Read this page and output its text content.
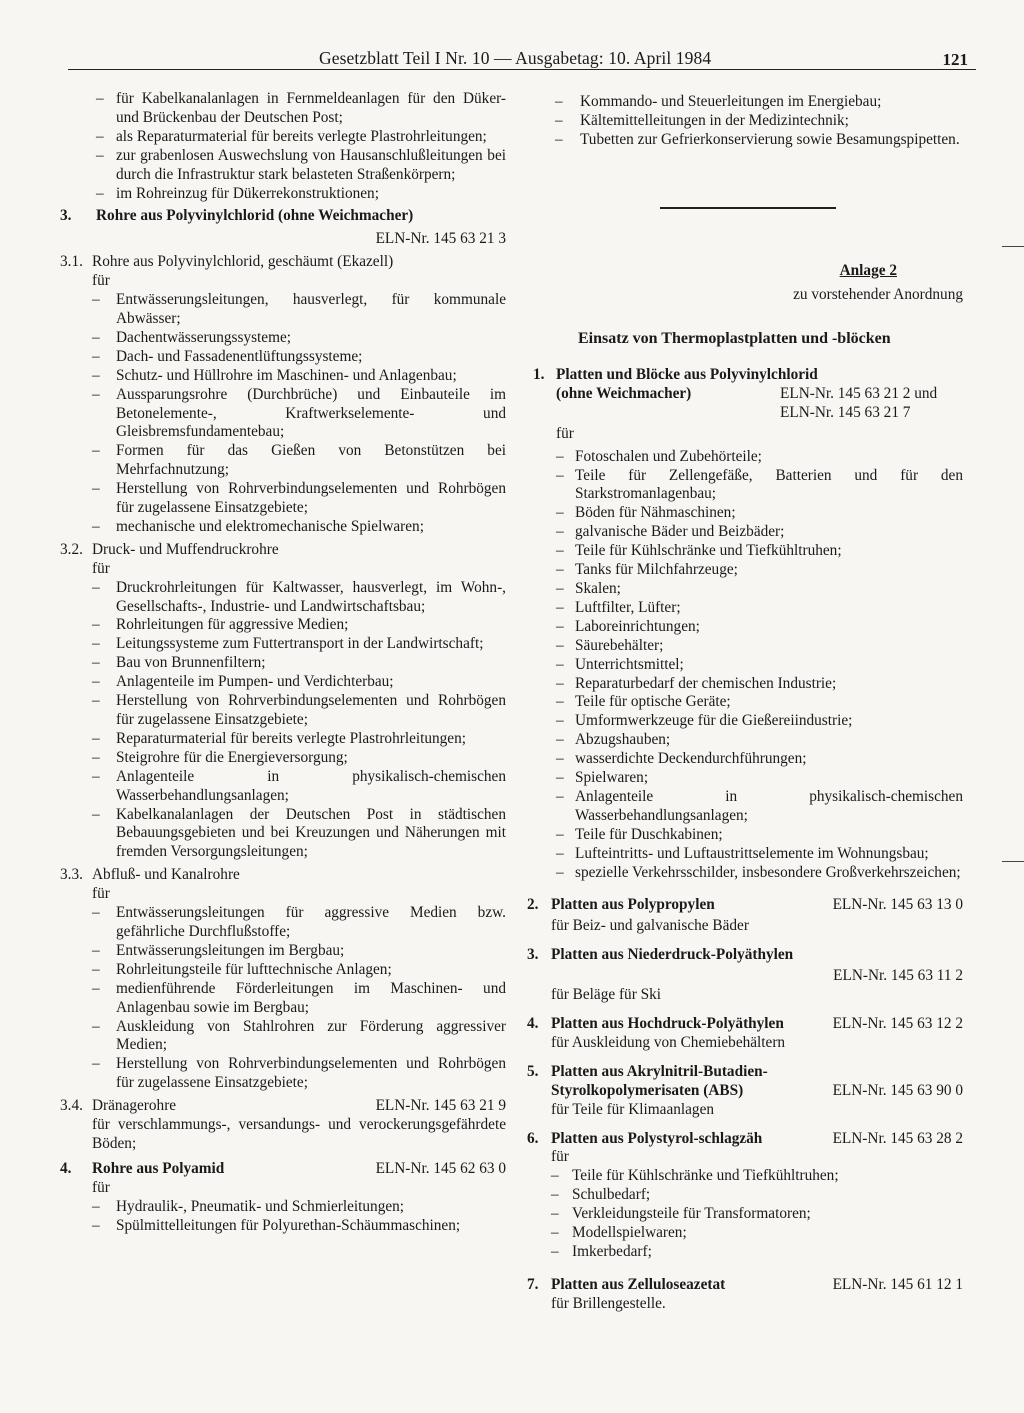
Gesetzblatt Teil I Nr. 10 — Ausgabetag: 10. April 1984	121
– für Kabelkanalanlagen in Fernmeldeanlagen für den Düker- und Brückenbau der Deutschen Post;
– als Reparaturmaterial für bereits verlegte Plastrohrleitungen;
– zur grabenlosen Auswechslung von Hausanschlußleitungen bei durch die Infrastruktur stark belasteten Straßenkörpern;
– im Rohreinzug für Dükerrekonstruktionen;
3.	Rohre aus Polyvinylchlorid (ohne Weichmacher)
ELN-Nr. 145 63 21 3
3.1. Rohre aus Polyvinylchlorid, geschäumt (Ekazell)
für
–	Entwässerungsleitungen, hausverlegt, für kommunale Abwässer;
–	Dachentwässerungssysteme;
–	Dach- und Fassadenentlüftungssysteme;
–	Schutz- und Hüllrohre im Maschinen- und Anlagenbau;
–	Aussparungsrohre (Durchbrüche) und Einbauteile im Betonelemente-, Kraftwerkselemente- und Gleisbremsfundamentebau;
–	Formen für das Gießen von Betonstützen bei Mehrfachnutzung;
–	Herstellung von Rohrverbindungselementen und Rohrbögen für zugelassene Einsatzgebiete;
–	mechanische und elektromechanische Spielwaren;
3.2. Druck- und Muffendruckrohre
für
–	Druckrohrleitungen für Kaltwasser, hausverlegt, im Wohn-, Gesellschafts-, Industrie- und Landwirtschaftsbau;
–	Rohrleitungen für aggressive Medien;
–	Leitungssysteme zum Futtertransport in der Landwirtschaft;
–	Bau von Brunnenfiltern;
–	Anlagenteile im Pumpen- und Verdichterbau;
–	Herstellung von Rohrverbindungselementen und Rohrbögen für zugelassene Einsatzgebiete;
–	Reparaturmaterial für bereits verlegte Plastrohrleitungen;
–	Steigrohre für die Energieversorgung;
–	Anlagenteile in physikalisch-chemischen Wasserbehandlungsanlagen;
–	Kabelkanalanlagen der Deutschen Post in städtischen Bebauungsgebieten und bei Kreuzungen und Näherungen mit fremden Versorgungsleitungen;
3.3. Abfluß- und Kanalrohre
für
–	Entwässerungsleitungen für aggressive Medien bzw. gefährliche Durchflußstoffe;
–	Entwässerungsleitungen im Bergbau;
–	Rohrleitungsteile für lufttechnische Anlagen;
–	medienführende Förderleitungen im Maschinen- und Anlagenbau sowie im Bergbau;
–	Auskleidung von Stahlrohren zur Förderung aggressiver Medien;
–	Herstellung von Rohrverbindungselementen und Rohrbögen für zugelassene Einsatzgebiete;
3.4. Dränagerohre	ELN-Nr. 145 63 21 9
für verschlammungs-, versandungs- und verockerungsgefährdete Böden;
4.	Rohre aus Polyamid	ELN-Nr. 145 62 63 0
für
–	Hydraulik-, Pneumatik- und Schmierleitungen;
–	Spülmittelleitungen für Polyurethan-Schäummaschinen;
–	Kommando- und Steuerleitungen im Energiebau;
–	Kältemittelleitungen in der Medizintechnik;
–	Tubetten zur Gefrierkonservierung sowie Besamungspipetten.
Anlage 2
zu vorstehender Anordnung
Einsatz von Thermoplastplatten und -blöcken
1. Platten und Blöcke aus Polyvinylchlorid
(ohne Weichmacher)	ELN-Nr. 145 63 21 2 und
ELN-Nr. 145 63 21 7
für
– Fotoschalen und Zubehörteile;
– Teile für Zellengefäße, Batterien und für den Starkstromanlagenbau;
– Böden für Nähmaschinen;
– galvanische Bäder und Beizbäder;
– Teile für Kühlschränke und Tiefkühltruhen;
– Tanks für Milchfahrzeuge;
– Skalen;
– Luftfilter, Lüfter;
– Laboreinrichtungen;
– Säurebehälter;
– Unterrichtsmittel;
– Reparaturbedarf der chemischen Industrie;
– Teile für optische Geräte;
– Umformwerkzeuge für die Gießereiindustrie;
– Abzugshauben;
– wasserdichte Deckendurchführungen;
– Spielwaren;
– Anlagenteile in physikalisch-chemischen Wasserbehandlungsanlagen;
– Teile für Duschkabinen;
– Lufteintritts- und Luftaustrittselemente im Wohnungsbau;
– spezielle Verkehrsschilder, insbesondere Großverkehrszeichen;
2. Platten aus Polypropylen	ELN-Nr. 145 63 13 0
für Beiz- und galvanische Bäder
3. Platten aus Niederdruck-Polyäthylen
ELN-Nr. 145 63 11 2
für Beläge für Ski
4. Platten aus Hochdruck-Polyäthylen	ELN-Nr. 145 63 12 2
für Auskleidung von Chemiebehältern
5. Platten aus Akrylnitril-Butadien-
Styrolkopolymerisaten (ABS)	ELN-Nr. 145 63 90 0
für Teile für Klimaanlagen
6. Platten aus Polystyrol-schlagzäh	ELN-Nr. 145 63 28 2
für
– Teile für Kühlschränke und Tiefkühltruhen;
– Schulbedarf;
– Verkleidungsteile für Transformatoren;
– Modellspielwaren;
– Imkerbedarf;
7. Platten aus Zelluloseazetat	ELN-Nr. 145 61 12 1
für Brillengestelle.
